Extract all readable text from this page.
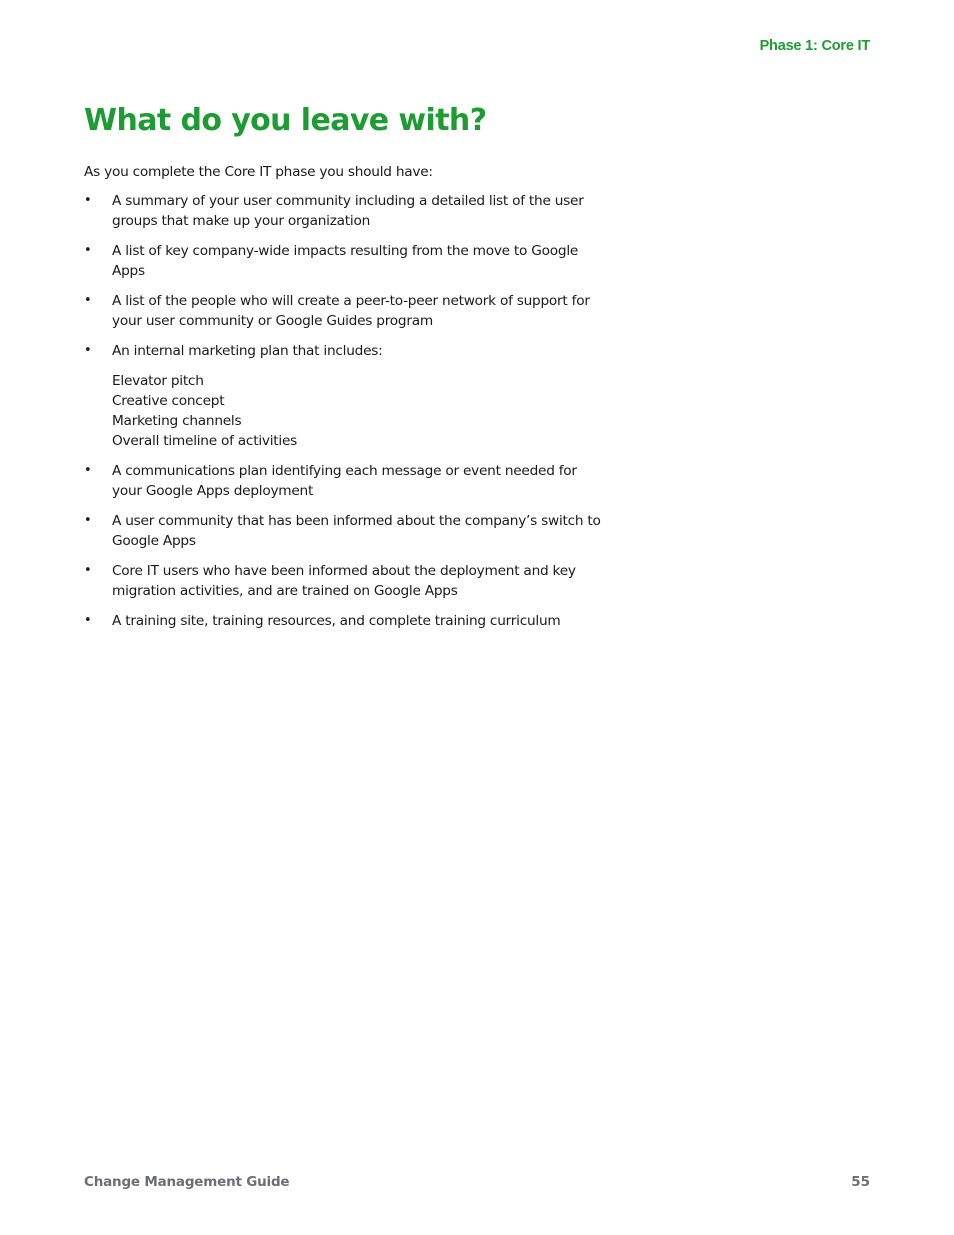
Phase 1: Core IT
What do you leave with?

As you complete the Core IT phase you should have:

• A summary of your user community including a detailed list of the user groups that make up your organization
• A list of key company-wide impacts resulting from the move to Google Apps
• A list of the people who will create a peer-to-peer network of support for your user community or Google Guides program
• An internal marketing plan that includes:
Elevator pitch
Creative concept
Marketing channels
Overall timeline of activities
• A communications plan identifying each message or event needed for your Google Apps deployment
• A user community that has been informed about the company’s switch to Google Apps
• Core IT users who have been informed about the deployment and key migration activities, and are trained on Google Apps
• A training site, training resources, and complete training curriculum
Change Management Guide	55
